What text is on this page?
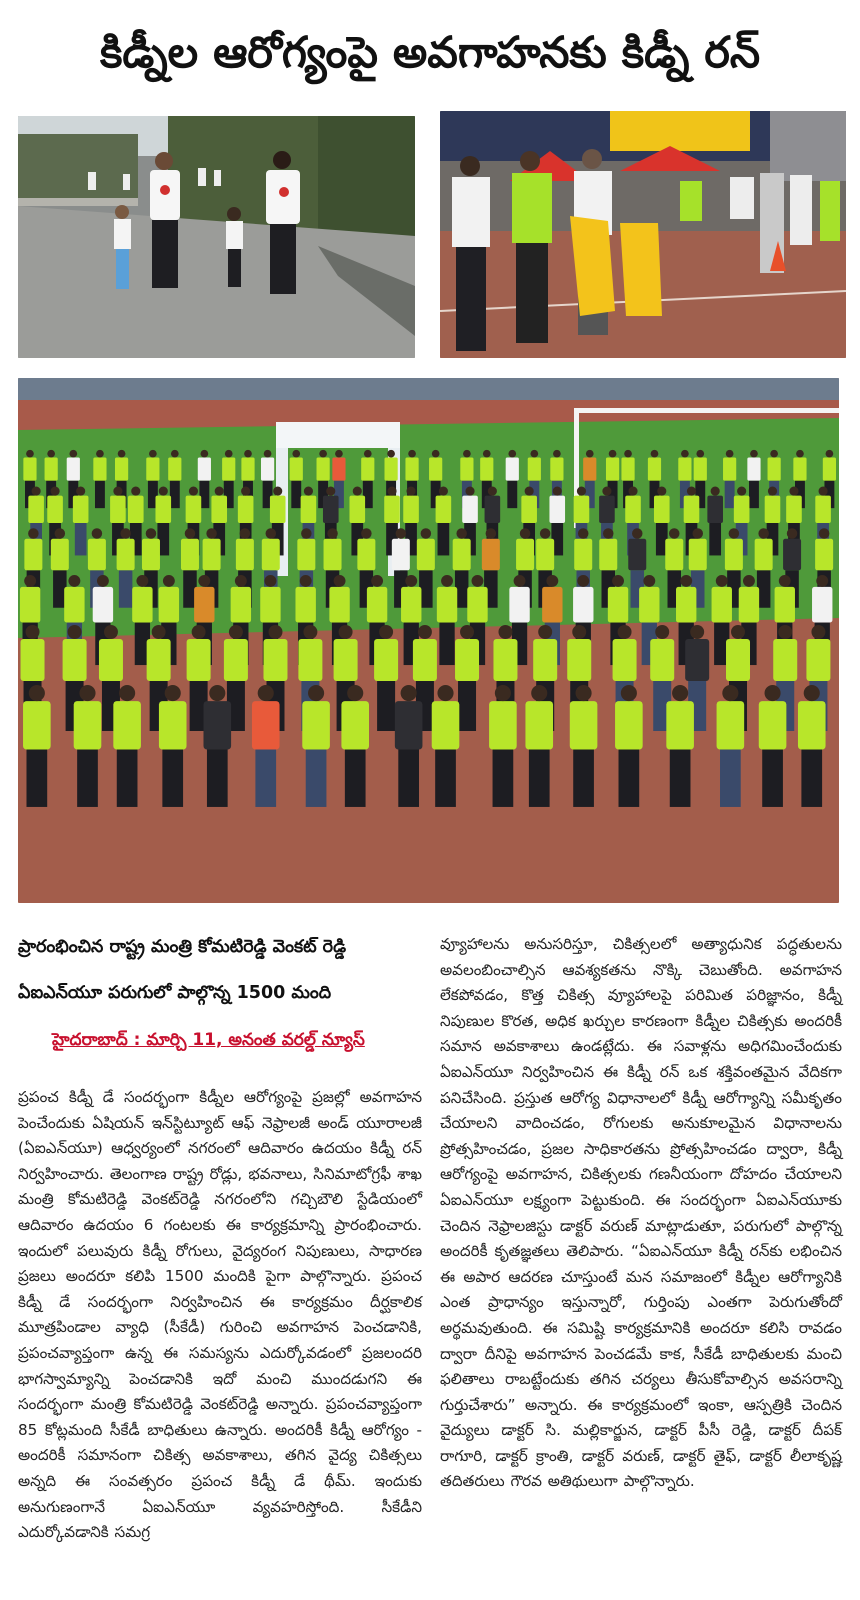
కిడ్నీల ఆరోగ్యంపై అవగాహనకు కిడ్నీ రన్
ప్రారంభించిన రాష్ట్ర మంత్రి కోమటిరెడ్డి వెంకట్ రెడ్డి
ఏఐఎన్‌యూ పరుగులో పాల్గొన్న 1500 మంది
హైదరాబాద్ : మార్చి 11, అనంత వరల్డ్ న్యూస్
ప్రపంచ కిడ్నీ డే సందర్భంగా కిడ్నీల ఆరోగ్యంపై ప్రజల్లో అవగాహన పెంచేందుకు ఏషియన్ ఇన్‌స్టిట్యూట్ ఆఫ్ నెఫ్రాలజీ అండ్ యూరాలజీ (ఏఐఎన్‌యూ) ఆధ్వర్యంలో నగరంలో ఆదివారం ఉదయం కిడ్నీ రన్ నిర్వహించారు. తెలంగాణ రాష్ట్ర రోడ్లు, భవనాలు, సినిమాటోగ్రఫీ శాఖ మంత్రి కోమటిరెడ్డి వెంకట్‌రెడ్డి నగరంలోని గచ్చిబౌలి స్టేడియంలో ఆదివారం ఉదయం 6 గంటలకు ఈ కార్యక్రమాన్ని ప్రారంభించారు. ఇందులో పలువురు కిడ్నీ రోగులు, వైద్యరంగ నిపుణులు, సాధారణ ప్రజలు అందరూ కలిపి 1500 మందికి పైగా పాల్గొన్నారు. ప్రపంచ కిడ్నీ డే సందర్భంగా నిర్వహించిన ఈ కార్యక్రమం దీర్ఘకాలిక మూత్రపిండాల వ్యాధి (సీకేడీ) గురించి అవగాహన పెంచడానికి, ప్రపంచవ్యాప్తంగా ఉన్న ఈ సమస్యను ఎదుర్కోవడంలో ప్రజలందరి భాగస్వామ్యాన్ని పెంచడానికి ఇదో మంచి ముందడుగని ఈ సందర్భంగా మంత్రి కోమటిరెడ్డి వెంకట్‌రెడ్డి అన్నారు. ప్రపంచవ్యాప్తంగా 85 కోట్లమంది సీకేడీ బాధితులు ఉన్నారు. అందరికీ కిడ్నీ ఆరోగ్యం - అందరికీ సమానంగా చికిత్స అవకాశాలు, తగిన వైద్య చికిత్సలు అన్నది ఈ సంవత్సరం ప్రపంచ కిడ్నీ డే థీమ్. ఇందుకు అనుగుణంగానే ఏఐఎన్‌యూ వ్యవహరిస్తోంది. సీకేడీని ఎదుర్కోవడానికి సమగ్ర
వ్యూహాలను అనుసరిస్తూ, చికిత్సలలో అత్యాధునిక పద్ధతులను అవలంబించాల్సిన ఆవశ్యకతను నొక్కి చెబుతోంది. అవగాహన లేకపోవడం, కొత్త చికిత్స వ్యూహాలపై పరిమిత పరిజ్ఞానం, కిడ్నీ నిపుణుల కొరత, అధిక ఖర్చుల కారణంగా కిడ్నీల చికిత్సకు అందరికీ సమాన అవకాశాలు ఉండట్లేదు. ఈ సవాళ్లను అధిగమించేందుకు ఏఐఎన్‌యూ నిర్వహించిన ఈ కిడ్నీ రన్ ఒక శక్తివంతమైన వేదికగా పనిచేసింది. ప్రస్తుత ఆరోగ్య విధానాలలో కిడ్నీ ఆరోగ్యాన్ని సమీకృతం చేయాలని వాదించడం, రోగులకు అనుకూలమైన విధానాలను ప్రోత్సహించడం, ప్రజల సాధికారతను ప్రోత్సహించడం ద్వారా, కిడ్నీ ఆరోగ్యంపై అవగాహన, చికిత్సలకు గణనీయంగా దోహదం చేయాలని ఏఐఎన్‌యూ లక్ష్యంగా పెట్టుకుంది. ఈ సందర్భంగా ఏఐఎన్‌యూకు చెందిన నెఫ్రాలజిస్టు డాక్టర్ వరుణ్ మాట్లాడుతూ, పరుగులో పాల్గొన్న అందరికీ కృతజ్ఞతలు తెలిపారు. “ఏఐఎన్‌యూ కిడ్నీ రన్‌కు లభించిన ఈ అపార ఆదరణ చూస్తుంటే మన సమాజంలో కిడ్నీల ఆరోగ్యానికి ఎంత ప్రాధాన్యం ఇస్తున్నారో, గుర్తింపు ఎంతగా పెరుగుతోందో అర్థమవుతుంది. ఈ సమిష్టి కార్యక్రమానికి అందరూ కలిసి రావడం ద్వారా దీనిపై అవగాహన పెంచడమే కాక, సీకేడీ బాధితులకు మంచి ఫలితాలు రాబట్టేందుకు తగిన చర్యలు తీసుకోవాల్సిన అవసరాన్ని గుర్తుచేశారు” అన్నారు. ఈ కార్యక్రమంలో ఇంకా, ఆస్పత్రికి చెందిన వైద్యులు డాక్టర్ సి. మల్లికార్జున, డాక్టర్ పీసీ రెడ్డి, డాక్టర్ దీపక్ రాగూరి, డాక్టర్ క్రాంతి, డాక్టర్ వరుణ్, డాక్టర్ తైఫ్, డాక్టర్ లీలాకృష్ణ తదితరులు గౌరవ అతిథులుగా పాల్గొన్నారు.
